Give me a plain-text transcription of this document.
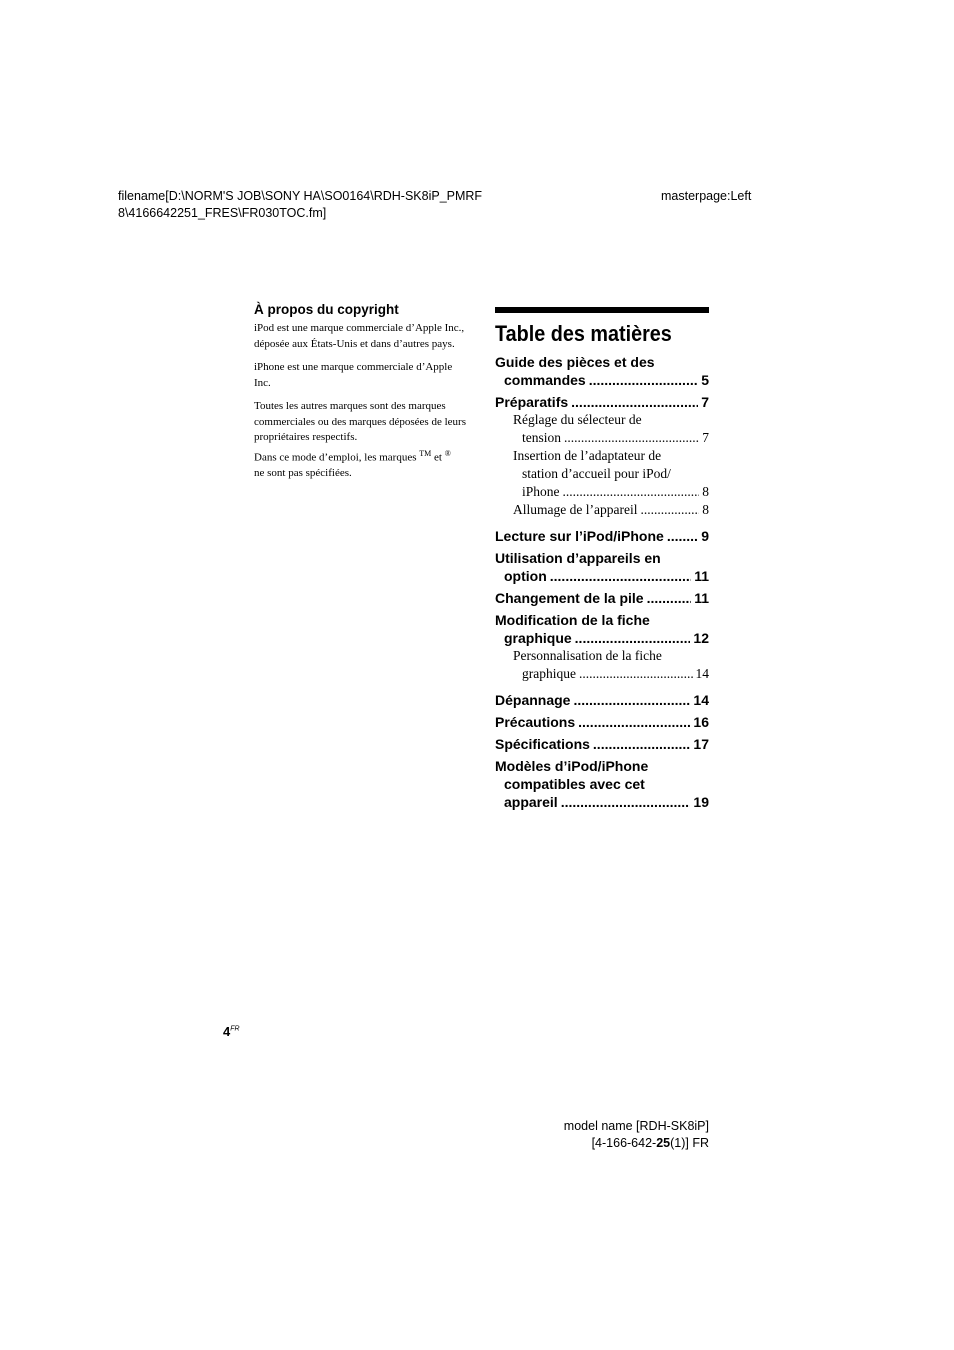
filename[D:\NORM'S JOB\SONY HA\SO0164\RDH-SK8iP_PMRF
8\4166642251_FRES\FR030TOC.fm]
masterpage:Left
À propos du copyright

iPod est une marque commerciale d’Apple Inc., déposée aux États-Unis et dans d’autres pays.

iPhone est une marque commerciale d’Apple Inc.

Toutes les autres marques sont des marques commerciales ou des marques déposées de leurs propriétaires respectifs.

Dans ce mode d’emploi, les marques ™ et ®
ne sont pas spécifiées.

Table des matières
Guide des pièces et des
commandes .....	5
Préparatifs .....	7
Réglage du sélecteur de
tension .....	7
Insertion de l’adaptateur de
station d’accueil pour iPod/
iPhone .....	8
Allumage de l’appareil .....	8
Lecture sur l’iPod/iPhone .....	9
Utilisation d’appareils en
option .....	11
Changement de la pile .....	11
Modification de la fiche
graphique .....	12
Personnalisation de la fiche
graphique .....	14
Dépannage .....	14
Précautions .....	16
Spécifications .....	17
Modèles d’iPod/iPhone
compatibles avec cet
appareil .....	19
$4^{FR}$
model name [RDH-SK8iP]
[4-166-642-25(1)] FR
